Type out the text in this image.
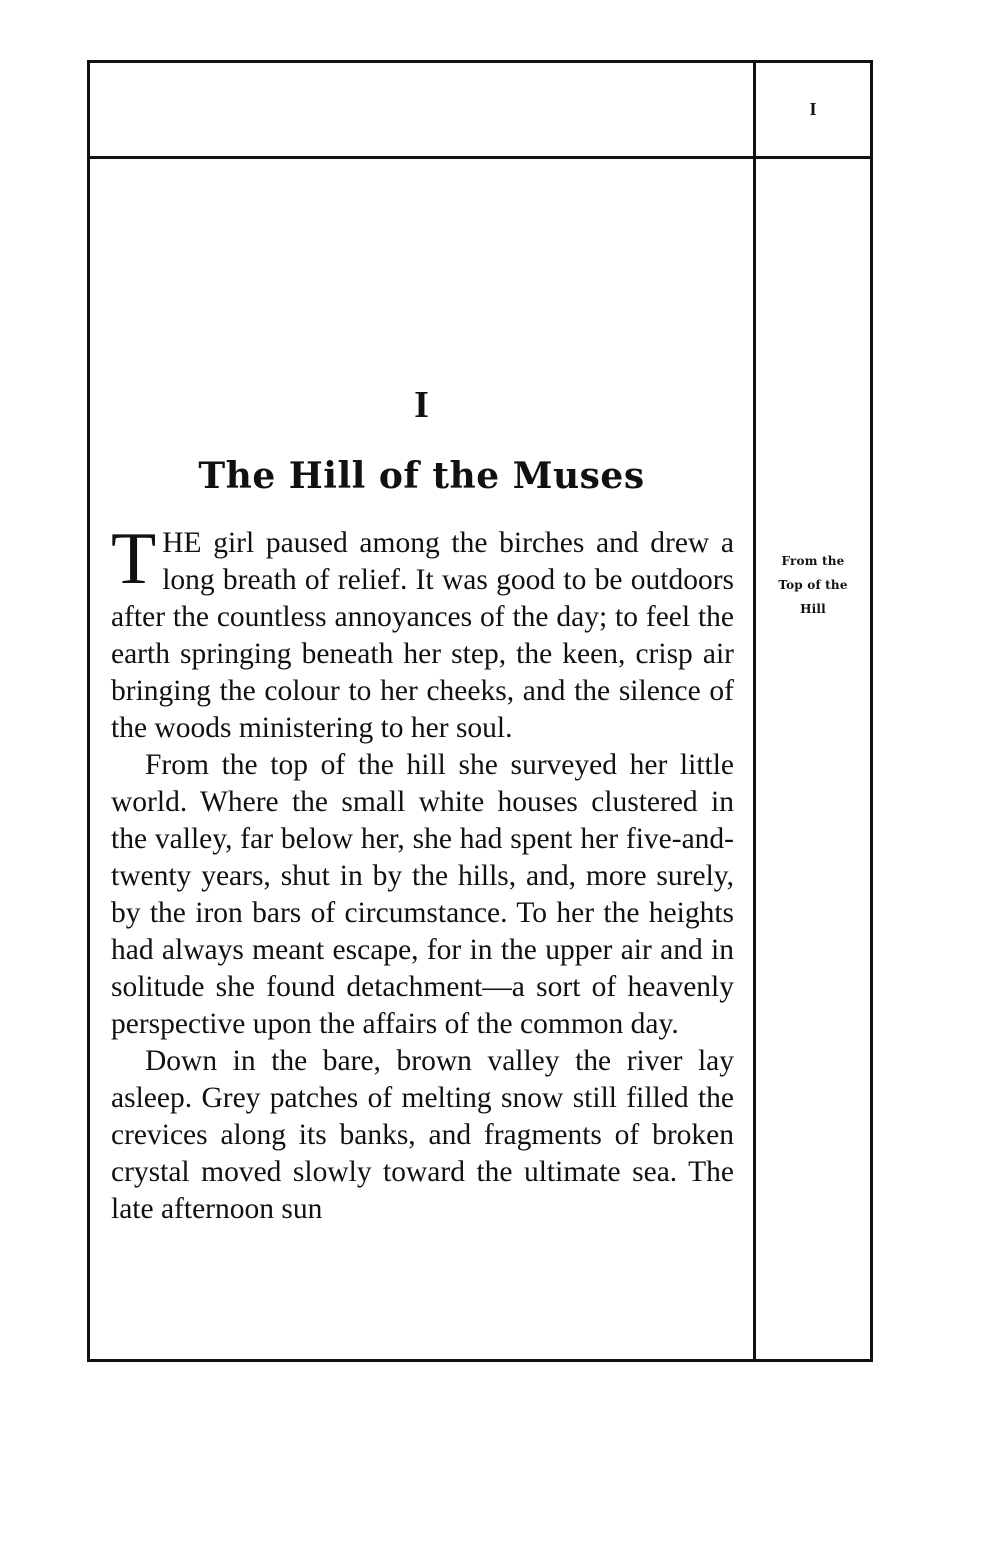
I
From the
Top of the
Hill
I
The Hill of the Muses

THE girl paused among the birches and drew a long breath of relief. It was good to be outdoors after the countless annoyances of the day; to feel the earth springing beneath her step, the keen, crisp air bringing the colour to her cheeks, and the silence of the woods ministering to her soul.

From the top of the hill she surveyed her little world. Where the small white houses clustered in the valley, far below her, she had spent her five-and-twenty years, shut in by the hills, and, more surely, by the iron bars of circumstance. To her the heights had always meant escape, for in the upper air and in solitude she found detachment—a sort of heavenly perspective upon the affairs of the common day.

Down in the bare, brown valley the river lay asleep. Grey patches of melting snow still filled the crevices along its banks, and fragments of broken crystal moved slowly toward the ultimate sea. The late afternoon sun
